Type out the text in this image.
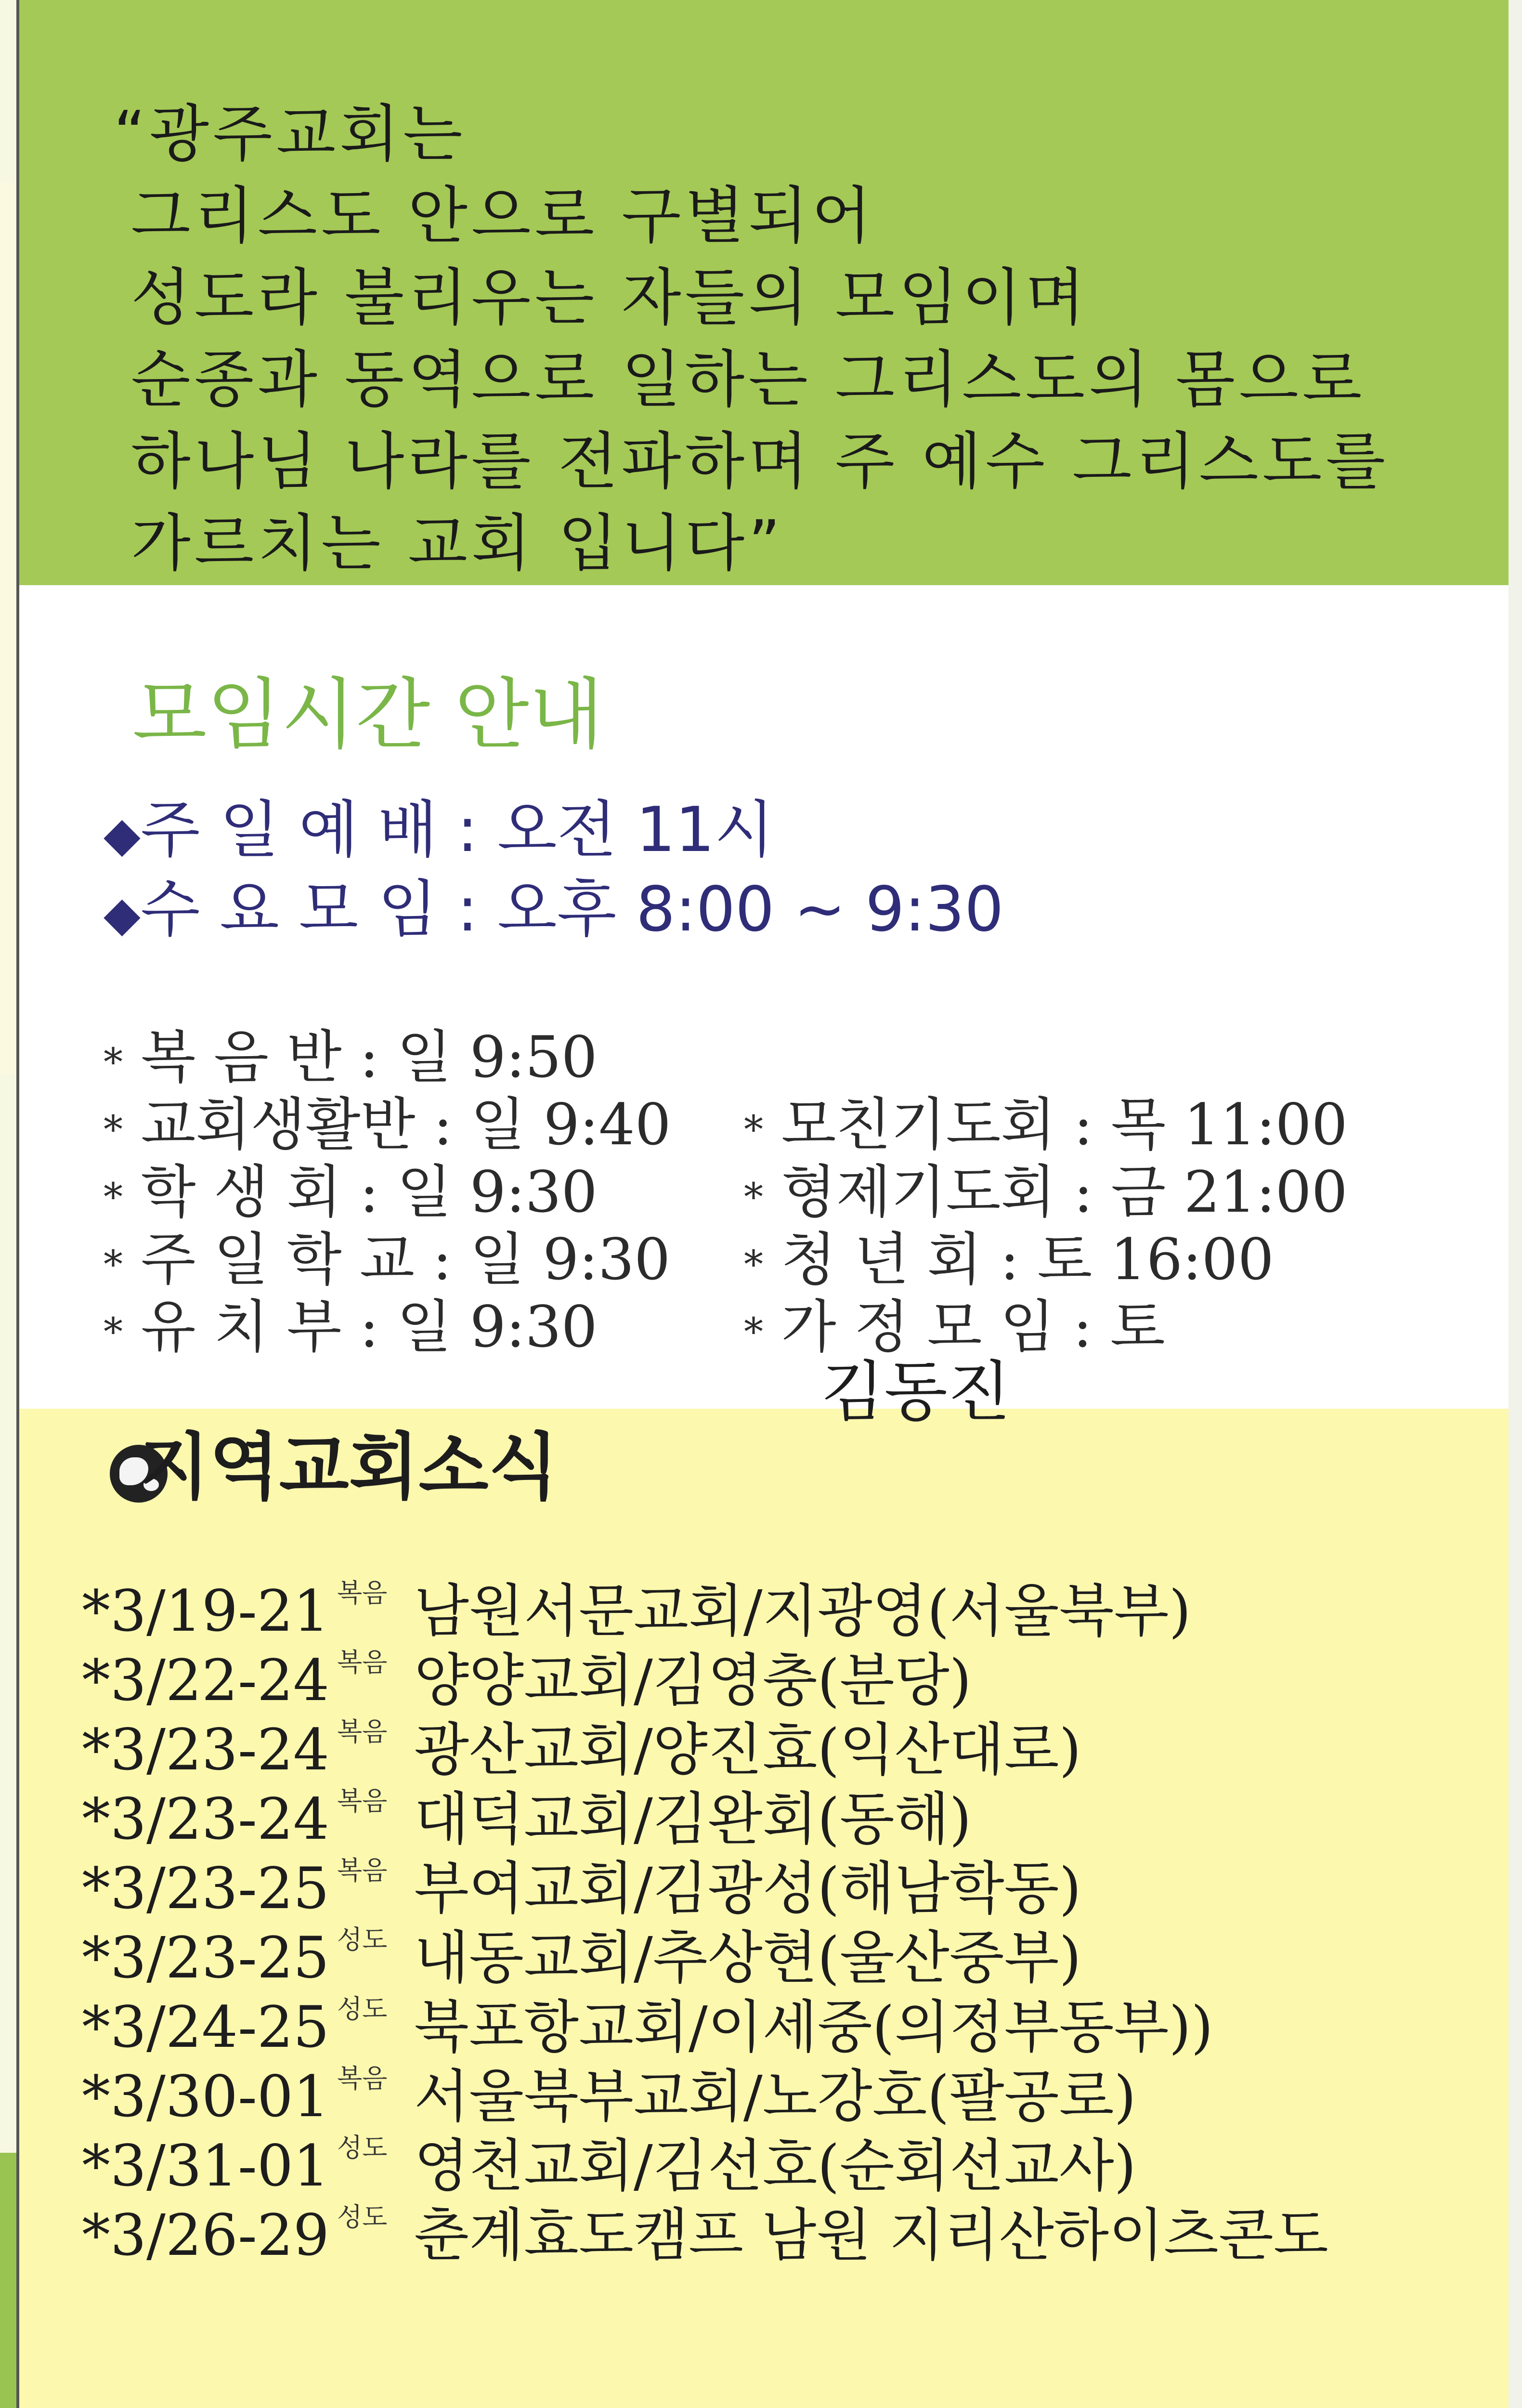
“광주교회는
그리스도 안으로 구별되어
성도라 불리우는 자들의 모임이며
순종과 동역으로 일하는 그리스도의 몸으로
하나님 나라를 전파하며 주 예수 그리스도를
가르치는 교회 입니다”
모임시간 안내
◆주 일 예 배 : 오전 11시
◆수 요 모 임 : 오후 8:00 ~ 9:30
* 복 음 반 : 일 9:50
* 교회생활반 : 일 9:40
* 학 생 회 : 일 9:30
* 주 일 학 교 : 일 9:30
* 유 치 부 : 일 9:30
* 모친기도회 : 목 11:00
* 형제기도회 : 금 21:00
* 청 년 회 : 토 16:00
* 가 정 모 임 : 토
김동진
지역교회소식
*3/19-21 복음 남원서문교회/지광영(서울북부)
*3/22-24 복음 양양교회/김영충(분당)
*3/23-24 복음 광산교회/양진효(익산대로)
*3/23-24 복음 대덕교회/김완회(동해)
*3/23-25 복음 부여교회/김광성(해남학동)
*3/23-25 성도 내동교회/추상현(울산중부)
*3/24-25 성도 북포항교회/이세중(의정부동부))
*3/30-01 복음 서울북부교회/노강호(팔공로)
*3/31-01 성도 영천교회/김선호(순회선교사)
*3/26-29 성도 춘계효도캠프 남원 지리산하이츠콘도
